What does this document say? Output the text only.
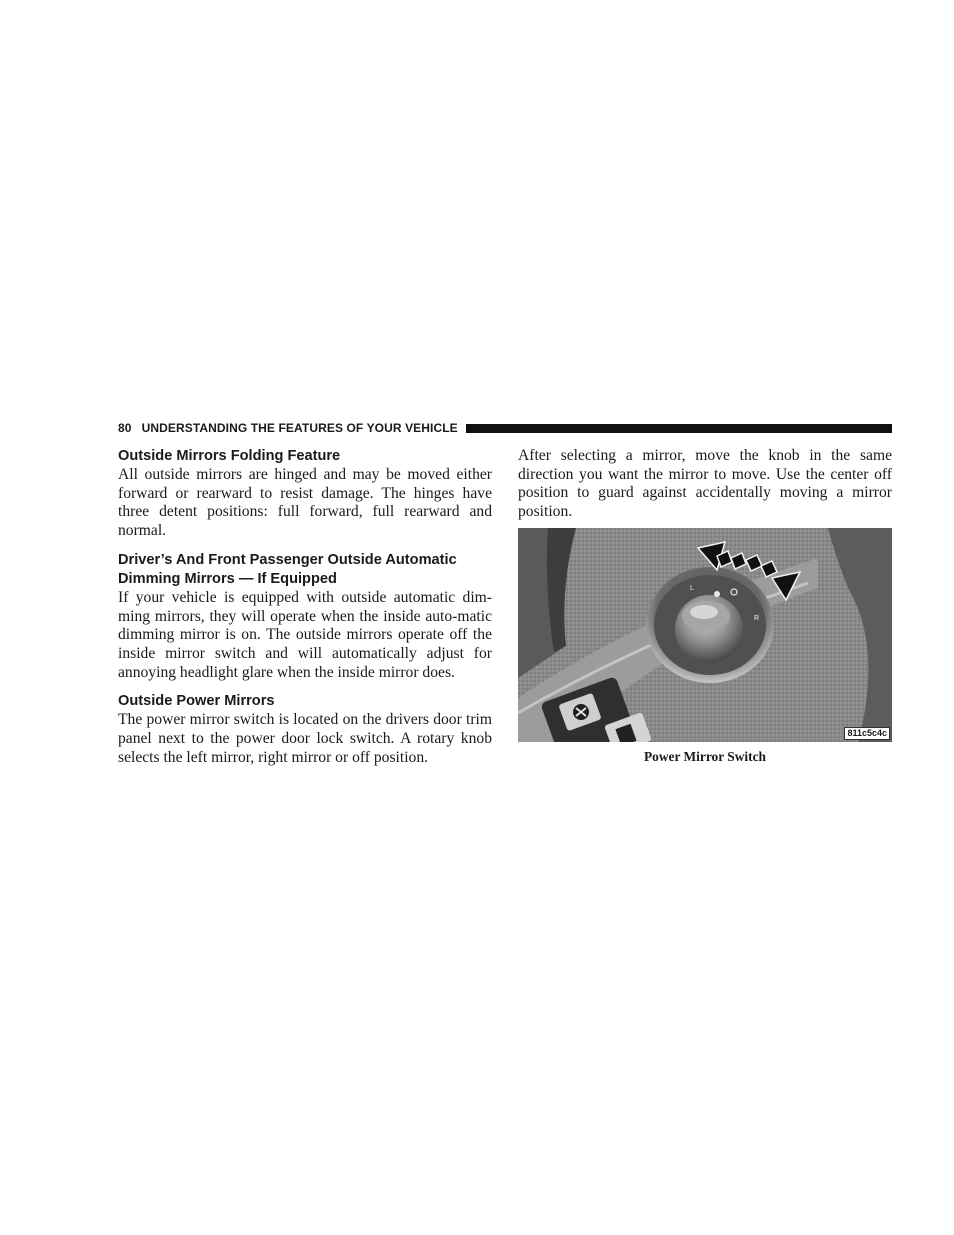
80 UNDERSTANDING THE FEATURES OF YOUR VEHICLE
Outside Mirrors Folding Feature

All outside mirrors are hinged and may be moved either forward or rearward to resist damage. The hinges have three detent positions: full forward, full rearward and normal.

Driver’s And Front Passenger Outside Automatic Dimming Mirrors — If Equipped

If your vehicle is equipped with outside automatic dim-ming mirrors, they will operate when the inside auto-matic dimming mirror is on. The outside mirrors operate off the inside mirror switch and will automatically adjust for annoying headlight glare when the inside mirror does.

Outside Power Mirrors

The power mirror switch is located on the drivers door trim panel next to the power door lock switch. A rotary knob selects the left mirror, right mirror or off position.

After selecting a mirror, move the knob in the same direction you want the mirror to move. Use the center off position to guard against accidentally moving a mirror position.

L
R
811c5c4c
Power Mirror Switch
